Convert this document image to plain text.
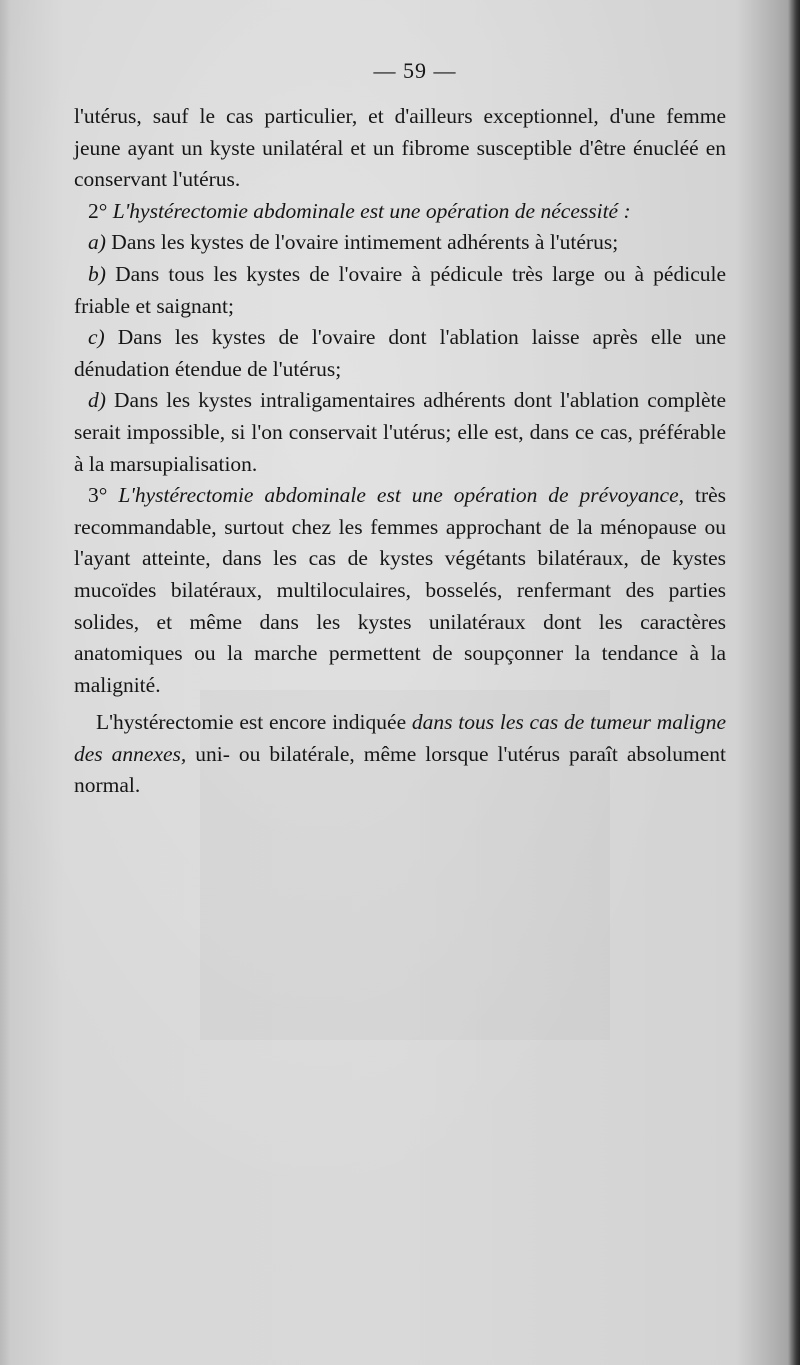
— 59 —

l'utérus, sauf le cas particulier, et d'ailleurs exceptionnel, d'une femme jeune ayant un kyste unilatéral et un fibrome susceptible d'être énucléé en conservant l'utérus.

2° L'hystérectomie abdominale est une opération de nécessité :

a) Dans les kystes de l'ovaire intimement adhérents à l'utérus;

b) Dans tous les kystes de l'ovaire à pédicule très large ou à pédicule friable et saignant;

c) Dans les kystes de l'ovaire dont l'ablation laisse après elle une dénudation étendue de l'utérus;

d) Dans les kystes intraligamentaires adhérents dont l'ablation complète serait impossible, si l'on conservait l'utérus; elle est, dans ce cas, préférable à la marsupialisation.

3° L'hystérectomie abdominale est une opération de prévoyance, très recommandable, surtout chez les femmes approchant de la ménopause ou l'ayant atteinte, dans les cas de kystes végétants bilatéraux, de kystes mucoïdes bilatéraux, multiloculaires, bosselés, renfermant des parties solides, et même dans les kystes unilatéraux dont les caractères anatomiques ou la marche permettent de soupçonner la tendance à la malignité.

L'hystérectomie est encore indiquée dans tous les cas de tumeur maligne des annexes, uni- ou bilatérale, même lorsque l'utérus paraît absolument normal.
